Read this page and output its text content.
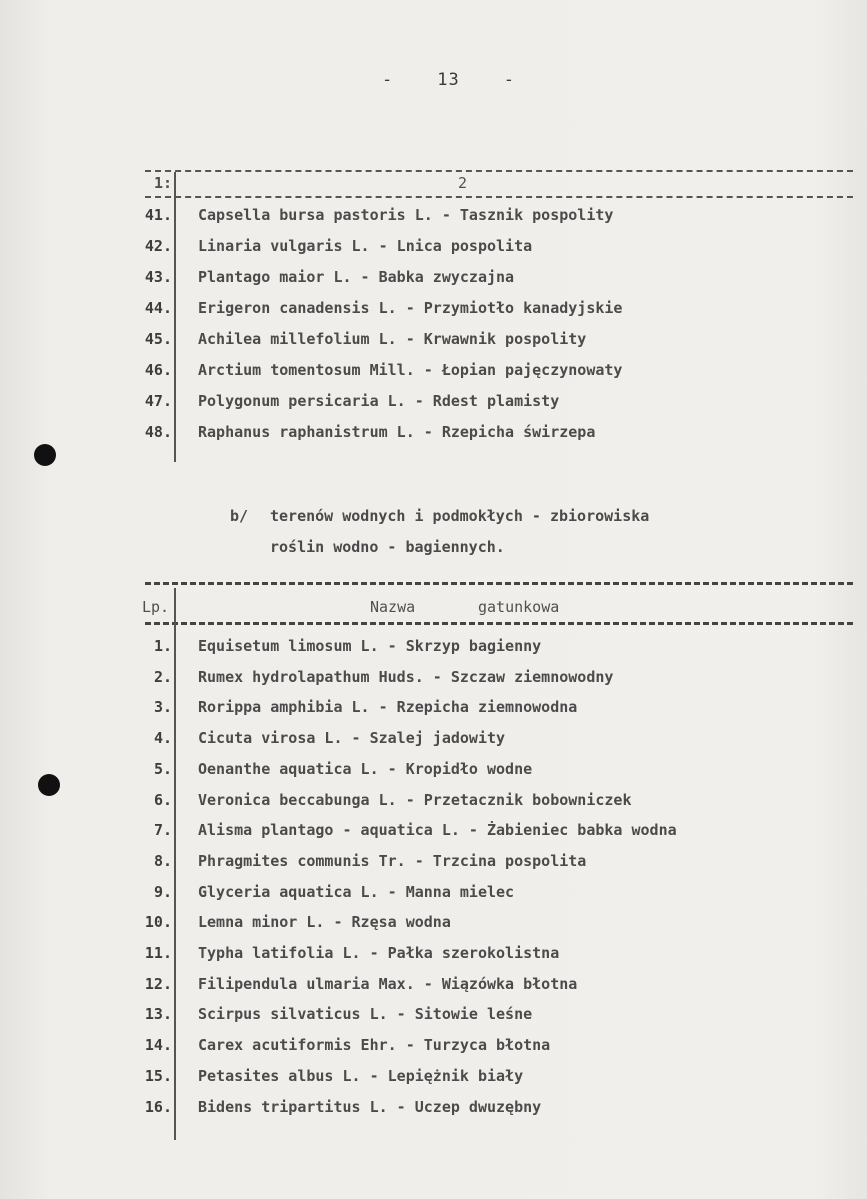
-	13	-
1:	2
41. Capsella bursa pastoris L. - Tasznik pospolity
42. Linaria vulgaris L. - Lnica pospolita
43. Plantago maior L. - Babka zwyczajna
44. Erigeron canadensis L. - Przymiotło kanadyjskie
45. Achilea millefolium L. - Krwawnik pospolity
46. Arctium tomentosum Mill. - Łopian pajęczynowaty
47. Polygonum persicaria L. - Rdest plamisty
48. Raphanus raphanistrum L. - Rzepicha świrzepa
b/ terenów wodnych i podmokłych - zbiorowiska
roślin wodno - bagiennych.
Lp.	Nazwa	gatunkowa
1. Equisetum limosum L. - Skrzyp bagienny
2. Rumex hydrolapathum Huds. - Szczaw ziemnowodny
3. Rorippa amphibia L. - Rzepicha ziemnowodna
4. Cicuta virosa L. - Szalej jadowity
5. Oenanthe aquatica L. - Kropidło wodne
6. Veronica beccabunga L. - Przetacznik bobowniczek
7. Alisma plantago - aquatica L. - Żabieniec babka wodna
8. Phragmites communis Tr. - Trzcina pospolita
9. Glyceria aquatica L. - Manna mielec
10. Lemna minor L. - Rzęsa wodna
11. Typha latifolia L. - Pałka szerokolistna
12. Filipendula ulmaria Max. - Wiązówka błotna
13. Scirpus silvaticus L. - Sitowie leśne
14. Carex acutiformis Ehr. - Turzyca błotna
15. Petasites albus L. - Lepiężnik biały
16. Bidens tripartitus L. - Uczep dwuzębny
